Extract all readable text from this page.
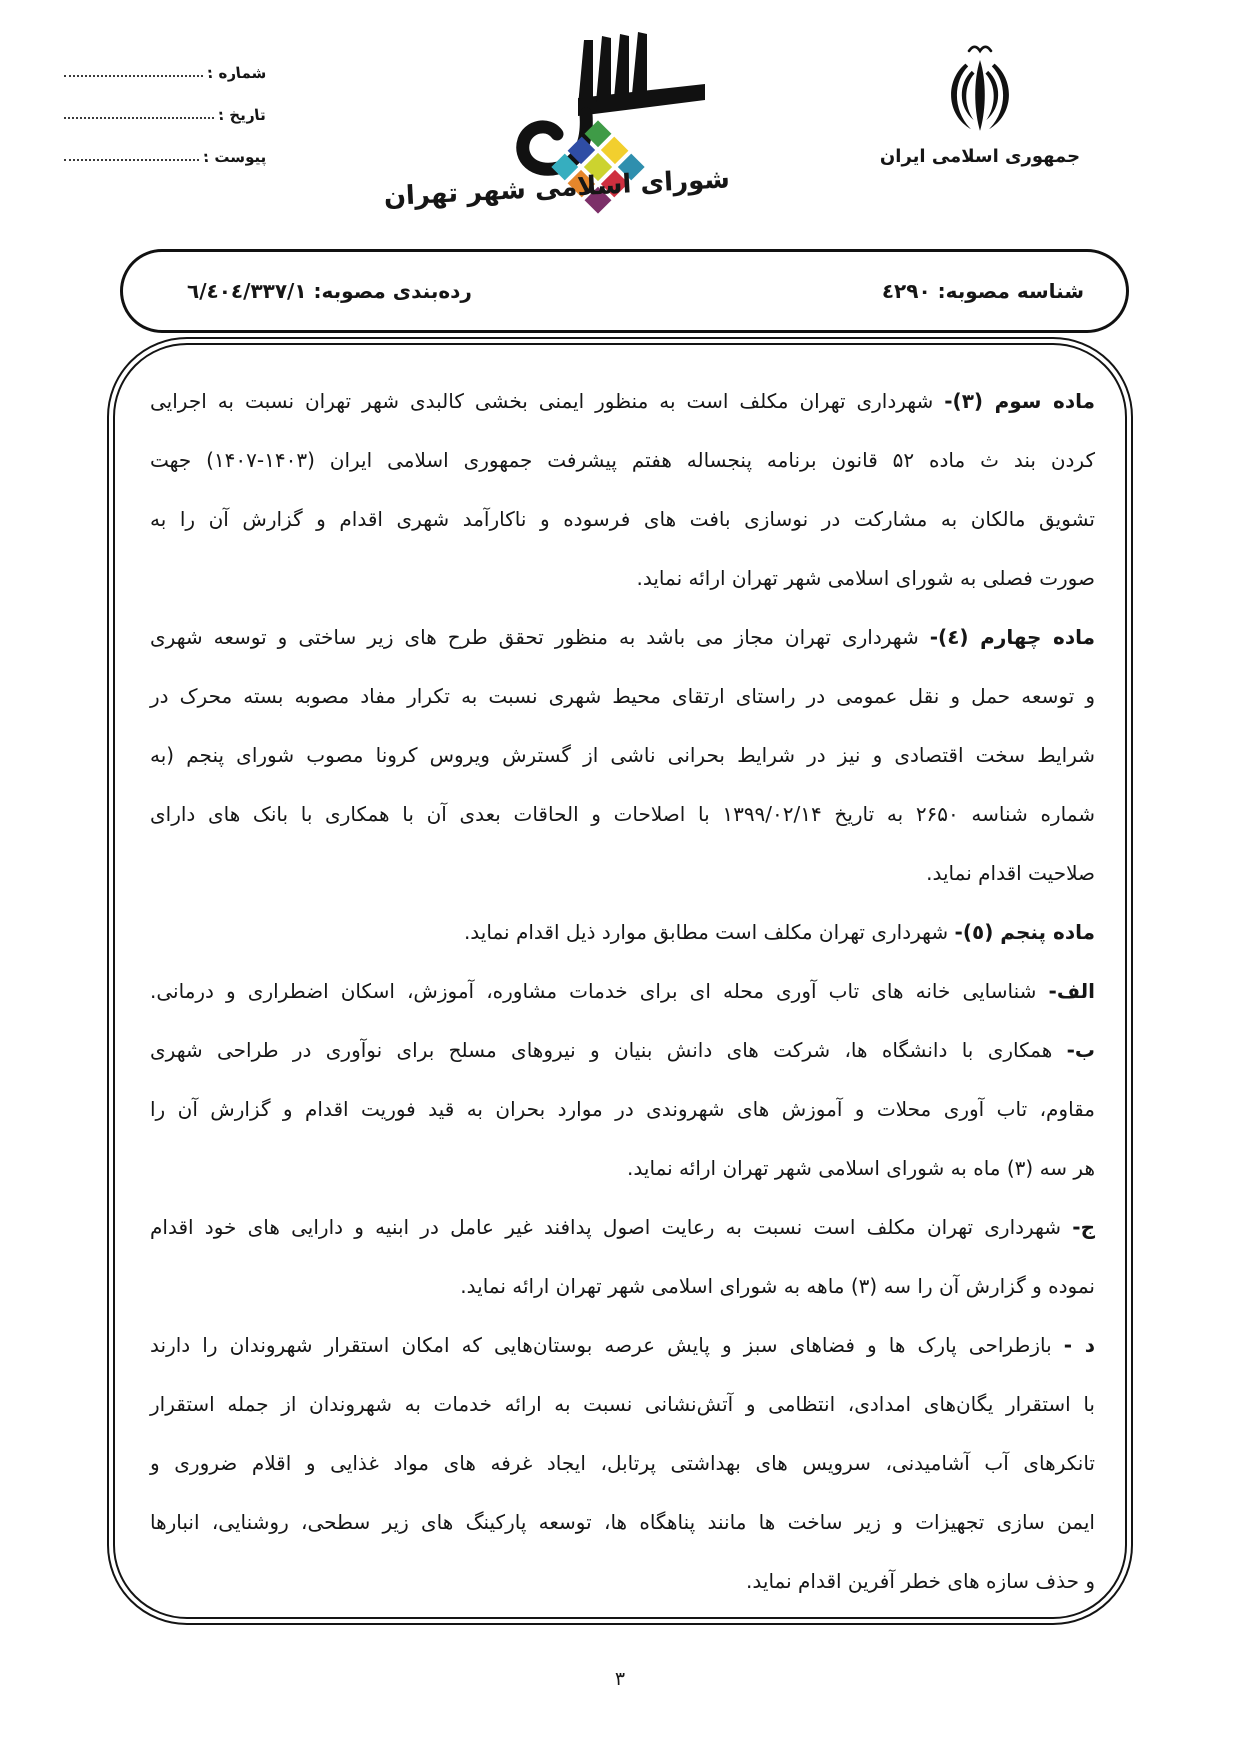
شماره :
تاریخ :
پیوست :
شورای اسلامی شهر تهران
جمهوری اسلامی ایران
شناسه مصوبه: ٤٢٩٠
رده‌بندی مصوبه: ٦/٤٠٤/٣٣٧/١
ماده سوم (۳)- شهرداری تهران مکلف است به منظور ایمنی بخشی کالبدی شهر تهران نسبت به اجرایی
کردن بند ث ماده ۵۲ قانون برنامه پنجساله هفتم پیشرفت جمهوری اسلامی ایران (۱۴۰۳-۱۴۰۷) جهت
تشویق مالکان به مشارکت در نوسازی بافت های فرسوده و ناکارآمد شهری اقدام و گزارش آن را به
صورت فصلی به شورای اسلامی شهر تهران ارائه نماید.
ماده چهارم (٤)- شهرداری تهران مجاز می باشد به منظور تحقق طرح های زیر ساختی و توسعه شهری
و توسعه حمل و نقل عمومی در راستای ارتقای محیط شهری نسبت به تکرار مفاد مصوبه بسته محرک در
شرایط سخت اقتصادی و نیز در شرایط بحرانی ناشی از گسترش ویروس کرونا مصوب شورای پنجم (به
شماره شناسه ۲۶۵۰ به تاریخ ۱۳۹۹/۰۲/۱۴ با اصلاحات و الحاقات بعدی آن با همکاری با بانک های دارای
صلاحیت اقدام نماید.
ماده پنجم (٥)- شهرداری تهران مکلف است مطابق موارد ذیل اقدام نماید.
الف- شناسایی خانه های تاب آوری محله ای برای خدمات مشاوره، آموزش، اسکان اضطراری و درمانی.
ب- همکاری با دانشگاه ها، شرکت های دانش بنیان و نیروهای مسلح برای نوآوری در طراحی شهری
مقاوم، تاب آوری محلات و آموزش های شهروندی در موارد بحران به قید فوریت اقدام و گزارش آن را
هر سه (۳) ماه به شورای اسلامی شهر تهران ارائه نماید.
ج- شهرداری تهران مکلف است نسبت به رعایت اصول پدافند غیر عامل در ابنیه و دارایی های خود اقدام
نموده و گزارش آن را سه (۳) ماهه به شورای اسلامی شهر تهران ارائه نماید.
د - بازطراحی پارک ها و فضاهای سبز و پایش عرصه بوستان‌هایی که امکان استقرار شهروندان را دارند
با استقرار یگان‌های امدادی، انتظامی و آتش‌نشانی نسبت به ارائه خدمات به شهروندان از جمله استقرار
تانکرهای آب آشامیدنی، سرویس های بهداشتی پرتابل، ایجاد غرفه های مواد غذایی و اقلام ضروری و
ایمن سازی تجهیزات و زیر ساخت ها مانند پناهگاه ها، توسعه پارکینگ های زیر سطحی، روشنایی، انبارها
و حذف سازه های خطر آفرین اقدام نماید.
۳
